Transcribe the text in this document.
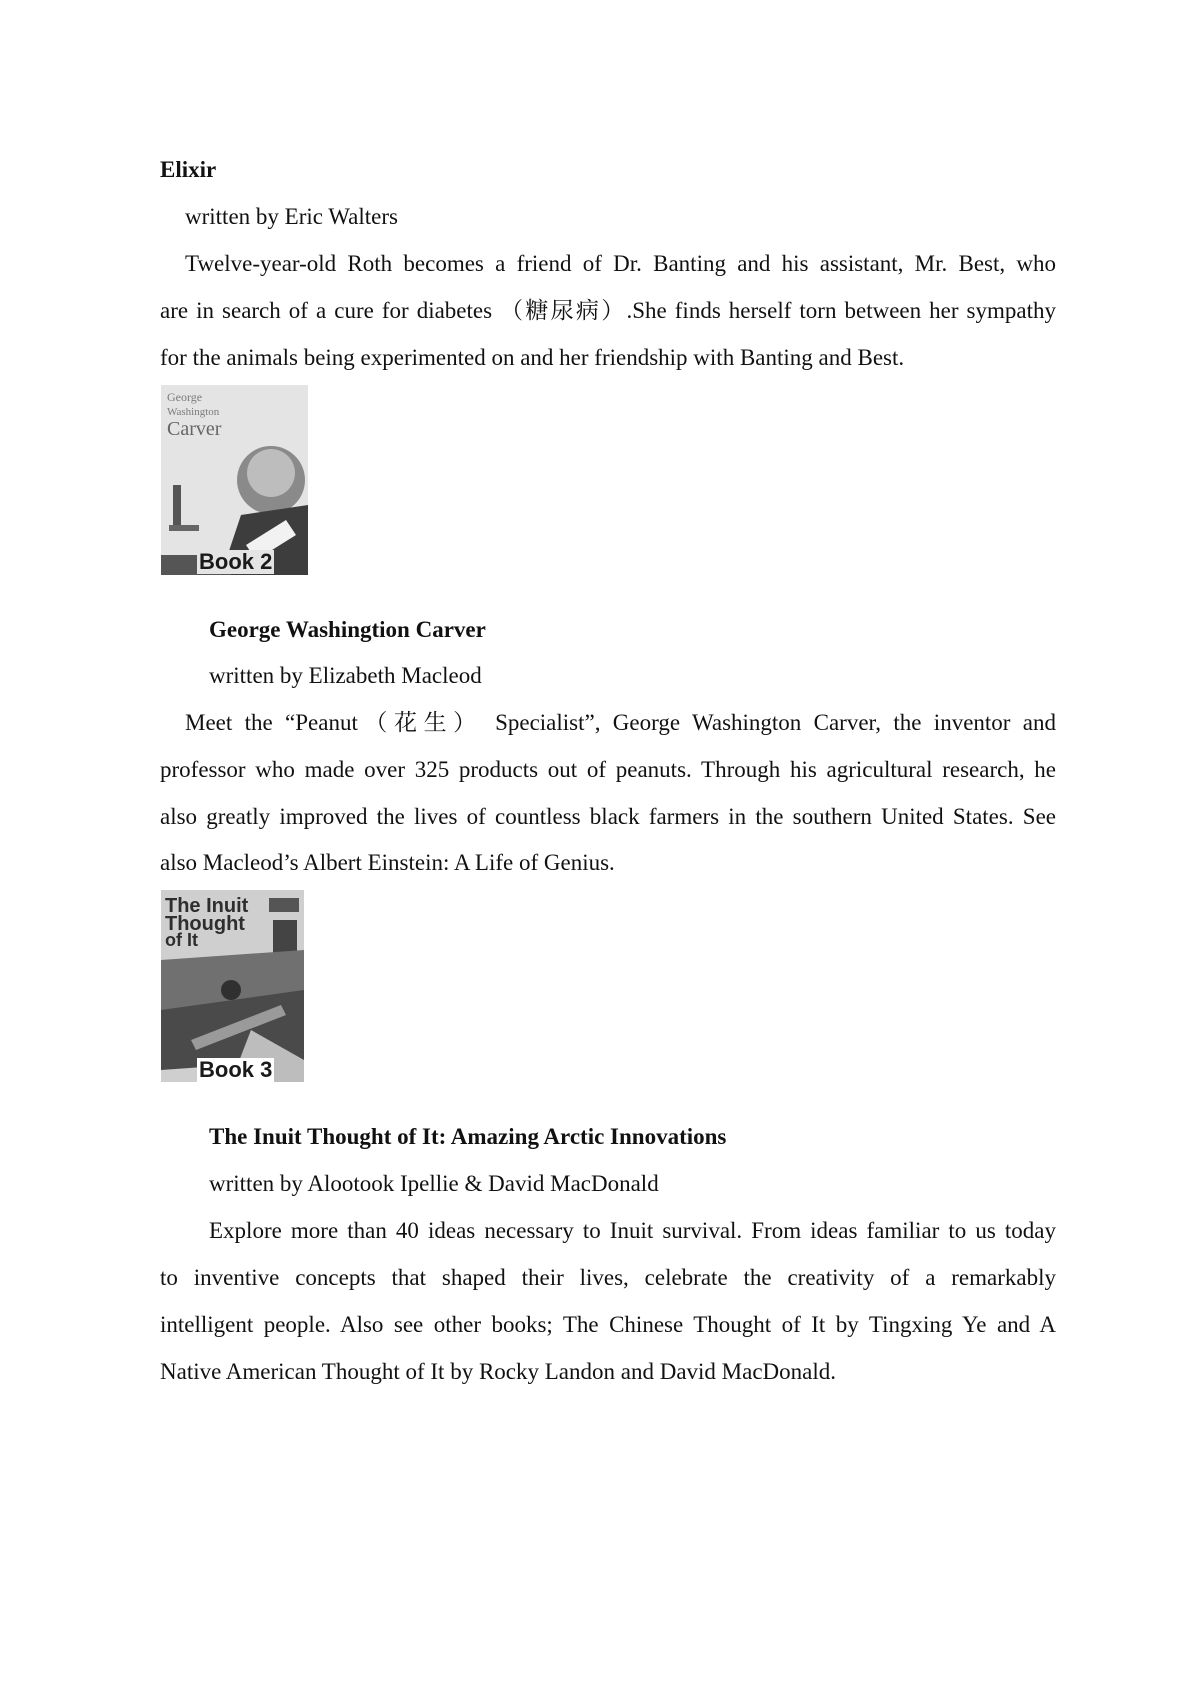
Elixir
written by Eric Walters
Twelve-year-old Roth becomes a friend of Dr. Banting and his assistant, Mr. Best, who
are in search of a cure for diabetes （糖尿病）.She finds herself torn between her sympathy
for the animals being experimented on and her friendship with Banting and Best.
George
Washington
Carver
Book 2
George Washingtion Carver
written by Elizabeth Macleod
Meet the “Peanut（花生） Specialist”, George Washington Carver, the inventor and
professor who made over 325 products out of peanuts. Through his agricultural research, he
also greatly improved the lives of countless black farmers in the southern United States. See
also Macleod’s Albert Einstein: A Life of Genius.
The Inuit
Thought
of It
Book 3
The Inuit Thought of It: Amazing Arctic Innovations
written by Alootook Ipellie & David MacDonald
Explore more than 40 ideas necessary to Inuit survival. From ideas familiar to us today
to inventive concepts that shaped their lives, celebrate the creativity of a remarkably
intelligent people. Also see other books; The Chinese Thought of It by Tingxing Ye and A
Native American Thought of It by Rocky Landon and David MacDonald.
